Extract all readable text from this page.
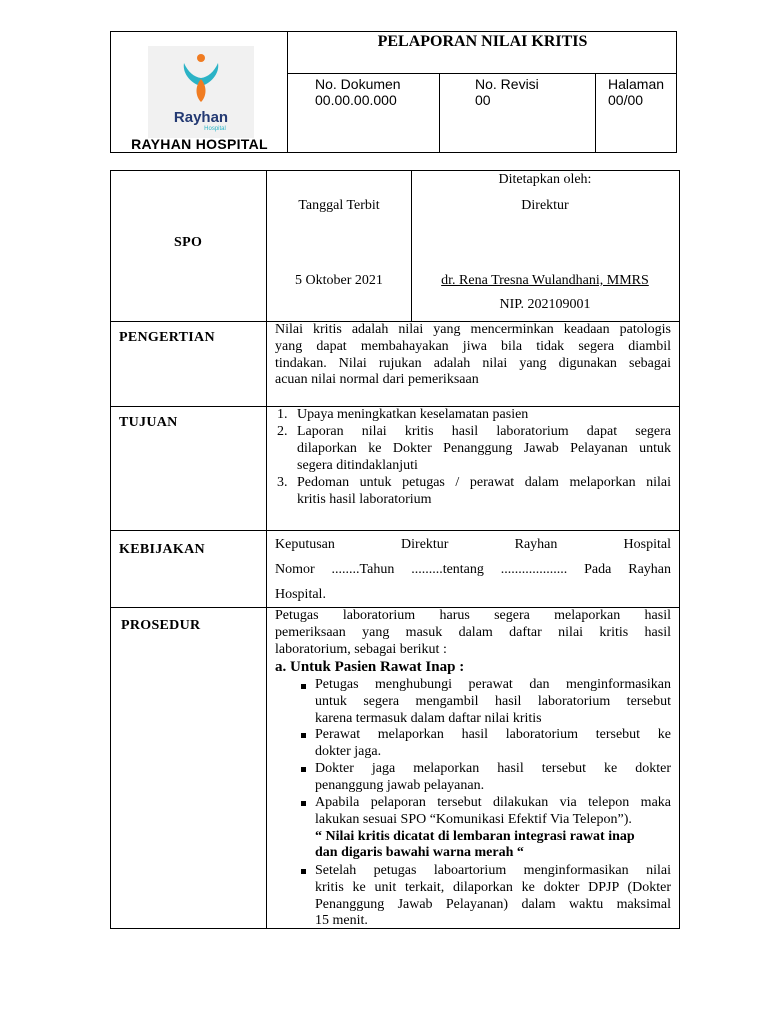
Rayhan
Hospital
RAYHAN HOSPITAL
PELAPORAN NILAI KRITIS
No. Dokumen
00.00.00.000
No. Revisi
00
Halaman
00/00
SPO
Tanggal Terbit
5 Oktober 2021
Ditetapkan oleh:
Direktur
dr. Rena Tresna Wulandhani, MMRS
NIP. 202109001
PENGERTIAN
Nilai kritis adalah nilai yang mencerminkan keadaan patologis
yang dapat membahayakan jiwa bila tidak segera diambil
tindakan. Nilai rujukan adalah nilai yang digunakan sebagai
acuan nilai normal dari pemeriksaan
TUJUAN
1. Upaya meningkatkan keselamatan pasien
2. Laporan nilai kritis hasil laboratorium dapat segera
dilaporkan ke Dokter Penanggung Jawab Pelayanan untuk
segera ditindaklanjuti
3. Pedoman untuk petugas / perawat dalam melaporkan nilai
kritis hasil laboratorium
KEBIJAKAN	Keputusan Direktur Rayhan Hospital
Nomor ........Tahun .........tentang ................... Pada Rayhan
Hospital.
PROSEDUR
Petugas laboratorium harus segera melaporkan hasil
pemeriksaan yang masuk dalam daftar nilai kritis hasil
laboratorium, sebagai berikut :
a. Untuk Pasien Rawat Inap :
Petugas menghubungi perawat dan menginformasikan
untuk segera mengambil hasil laboratorium tersebut
karena termasuk dalam daftar nilai kritis
Perawat melaporkan hasil laboratorium tersebut ke
dokter jaga.
Dokter jaga melaporkan hasil tersebut ke dokter
penanggung jawab pelayanan.
Apabila pelaporan tersebut dilakukan via telepon maka
lakukan sesuai SPO “Komunikasi Efektif Via Telepon”).
“ Nilai kritis dicatat di lembaran integrasi rawat inap
dan digaris bawahi warna merah “
Setelah petugas laboartorium menginformasikan nilai
kritis ke unit terkait, dilaporkan ke dokter DPJP (Dokter
Penanggung Jawab Pelayanan) dalam waktu maksimal
15 menit.
